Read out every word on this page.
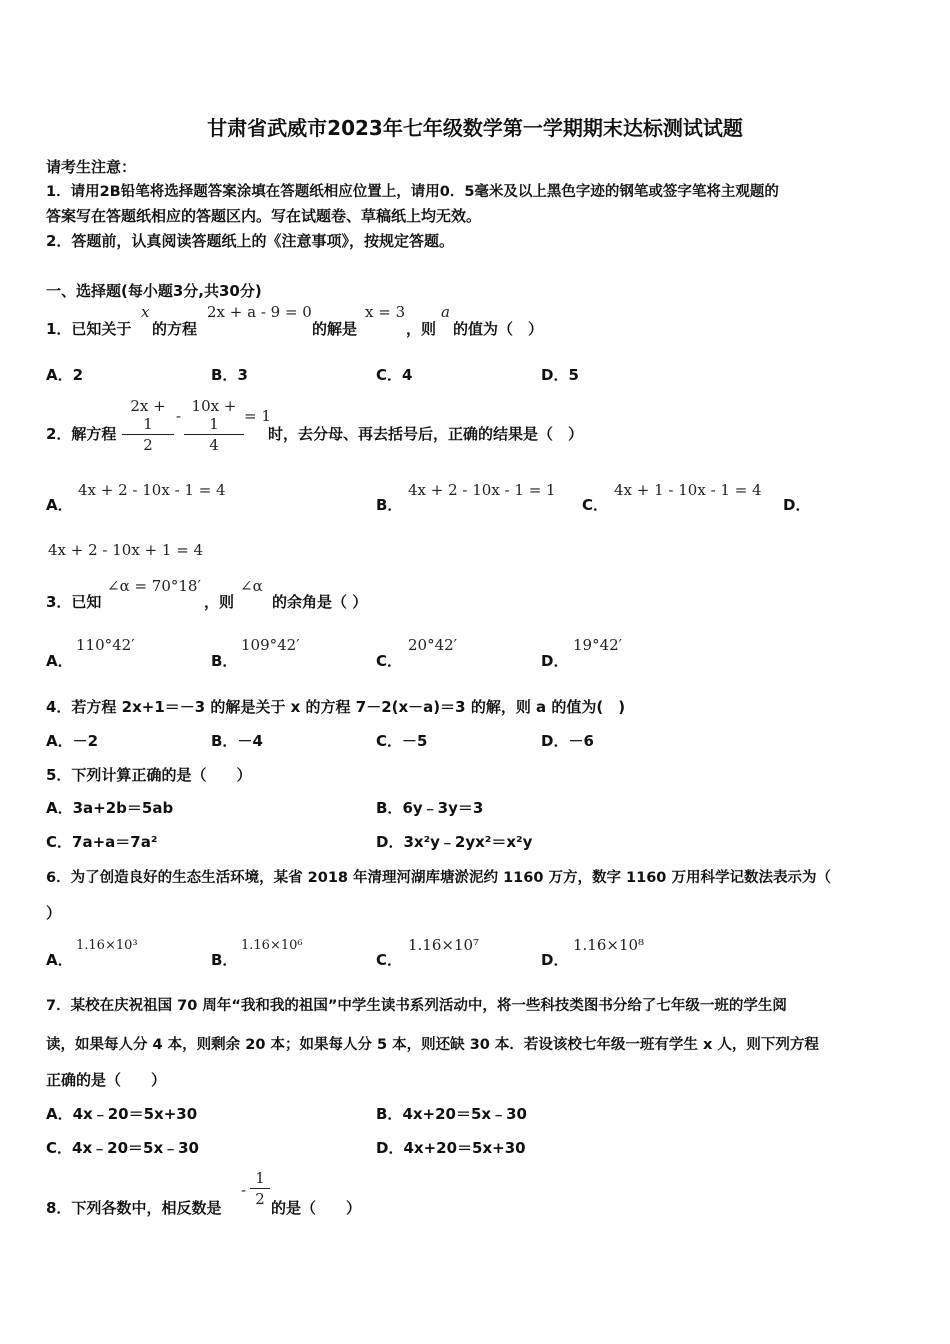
甘肃省武威市2023年七年级数学第一学期期末达标测试试题
请考生注意：
1．请用2B铅笔将选择题答案涂填在答题纸相应位置上，请用0．5毫米及以上黑色字迹的钢笔或签字笔将主观题的
答案写在答题纸相应的答题区内。写在试题卷、草稿纸上均无效。
2．答题前，认真阅读答题纸上的《注意事项》，按规定答题。
一、选择题(每小题3分,共30分)
1．已知关于
x
的方程
2x + a - 9 = 0
的解是
x = 3
，则
a
的值为（　）
A．2	B．3	C．4	D．5
2．解方程
2x + 1
2
-
10x + 1
4
= 1
时，去分母、再去括号后，正确的结果是（　）
A．
4x + 2 - 10x - 1 = 4
B．
4x + 2 - 10x - 1 = 1
C．
4x + 1 - 10x - 1 = 4
D．
4x + 2 - 10x + 1 = 4
3．已知
∠α = 70°18′
，则
∠α
的余角是（ ）
A．
110°42′
B．
109°42′
C．
20°42′
D．
19°42′
4．若方程 2x+1＝－3 的解是关于 x 的方程 7－2(x－a)＝3 的解，则 a 的值为(　)
A．－2	B．－4	C．－5	D．－6
5．下列计算正确的是（　　）
A．3a+2b＝5ab	B．6y﹣3y＝3
C．7a+a＝7a²	D．3x²y﹣2yx²＝x²y
6．为了创造良好的生态生活环境，某省 2018 年清理河湖库塘淤泥约 1160 万方，数字 1160 万用科学记数法表示为（
）
A．
1.16×10³
B．
1.16×10⁶
C．
1.16×10⁷
D．
1.16×10⁸
7．某校在庆祝祖国 70 周年“我和我的祖国”中学生读书系列活动中，将一些科技类图书分给了七年级一班的学生阅
读，如果每人分 4 本，则剩余 20 本；如果每人分 5 本，则还缺 30 本．若设该校七年级一班有学生 x 人，则下列方程
正确的是（　　）
A．4x﹣20＝5x+30	B．4x+20＝5x﹣30
C．4x﹣20＝5x﹣30	D．4x+20＝5x+30
8．下列各数中，相反数是
-
1
2 的是（　　）
